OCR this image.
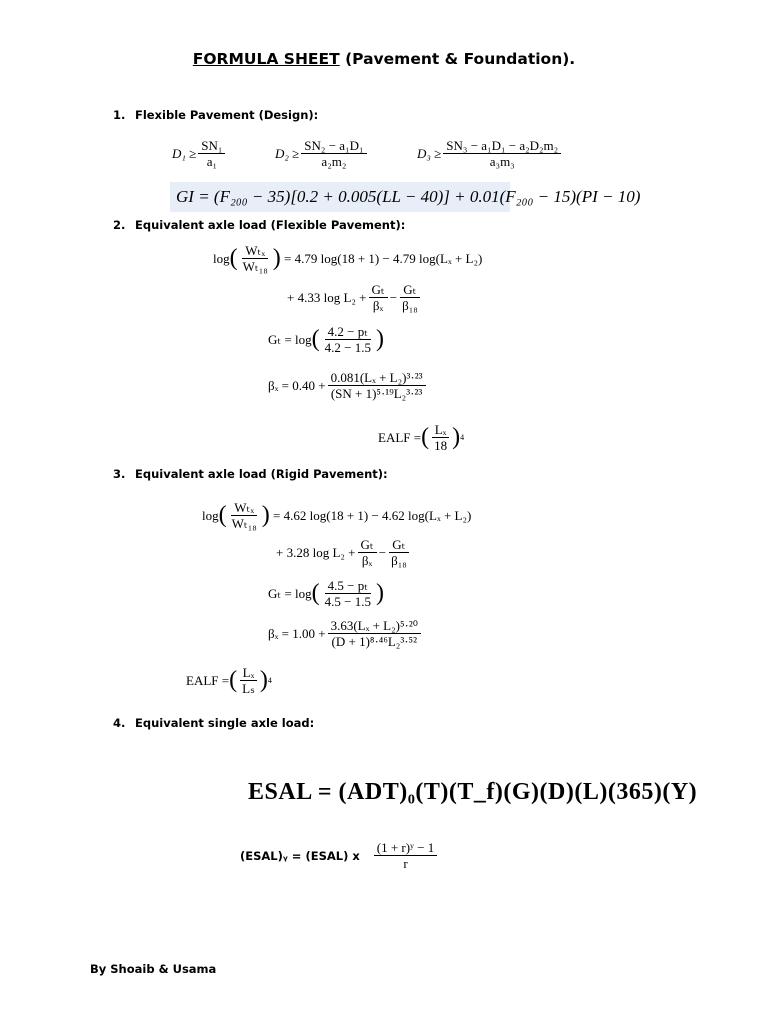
FORMULA SHEET (Pavement & Foundation).
1. Flexible Pavement (Design):
$D_1 \ge \frac{\text{SN₁}}{\text{a₁}}$	$D_2 \ge \frac{\text{SN₂ − a₁D₁}}{\text{a₂m₂}}$	$D_3 \ge \frac{\text{SN₃ − a₁D₁ − a₂D₂m₂}}{\text{a₃m₃}}$
GI = (F₂₀₀ − 35)[0.2 + 0.005(LL − 40)] + 0.01(F₂₀₀ − 15)(PI − 10)
2. Equivalent axle load (Flexible Pavement):
log ( $\frac{\text{Wₜₓ}}{\text{Wₜ₁₈}}$ )
= 4.79 log(18 + 1) − 4.79 log(Lₓ + L₂)
+ 4.33 $\log L_2 + \frac{\text{Gₜ}}{\text{βₓ}} - \frac{\text{Gₜ}}{\text{β₁₈}}$
Gₜ = log ( $\frac{\text{4.2 − pₜ}}{4.2 - 1.5}$ )
$\beta_x = 0.40 + \frac{\text{0.081(Lₓ + L₂)³·²³}}{\text{(SN + 1)⁵·¹⁹L₂³·²³}}$
EALF = ( $\frac{\text{Lₓ}}{18}$ ) 4
3. Equivalent axle load (Rigid Pavement):
log ( $\frac{\text{Wₜₓ}}{\text{Wₜ₁₈}}$ )
= 4.62 log(18 + 1) − 4.62 log(Lₓ + L₂)
+ 3.28 $\log L_2 + \frac{\text{Gₜ}}{\text{βₓ}} - \frac{\text{Gₜ}}{\text{β₁₈}}$
Gₜ = log ( $\frac{\text{4.5 − pₜ}}{4.5 - 1.5}$ )
$\beta_x = 1.00 + \frac{\text{3.63(Lₓ + L₂)⁵·²⁰}}{\text{(D + 1)⁸·⁴⁶L₂³·⁵²}}$
EALF = ( $\frac{\text{Lₓ}}{\text{Lₛ}}$ ) 4
4. Equivalent single axle load:
ESAL = (ADT)₀(T)(T_f)(G)(D)(L)(365)(Y)
(ESAL)ᵧ = (ESAL) x $\frac{\text{(1 + r)ʸ − 1}}{r}$
By Shoaib & Usama
